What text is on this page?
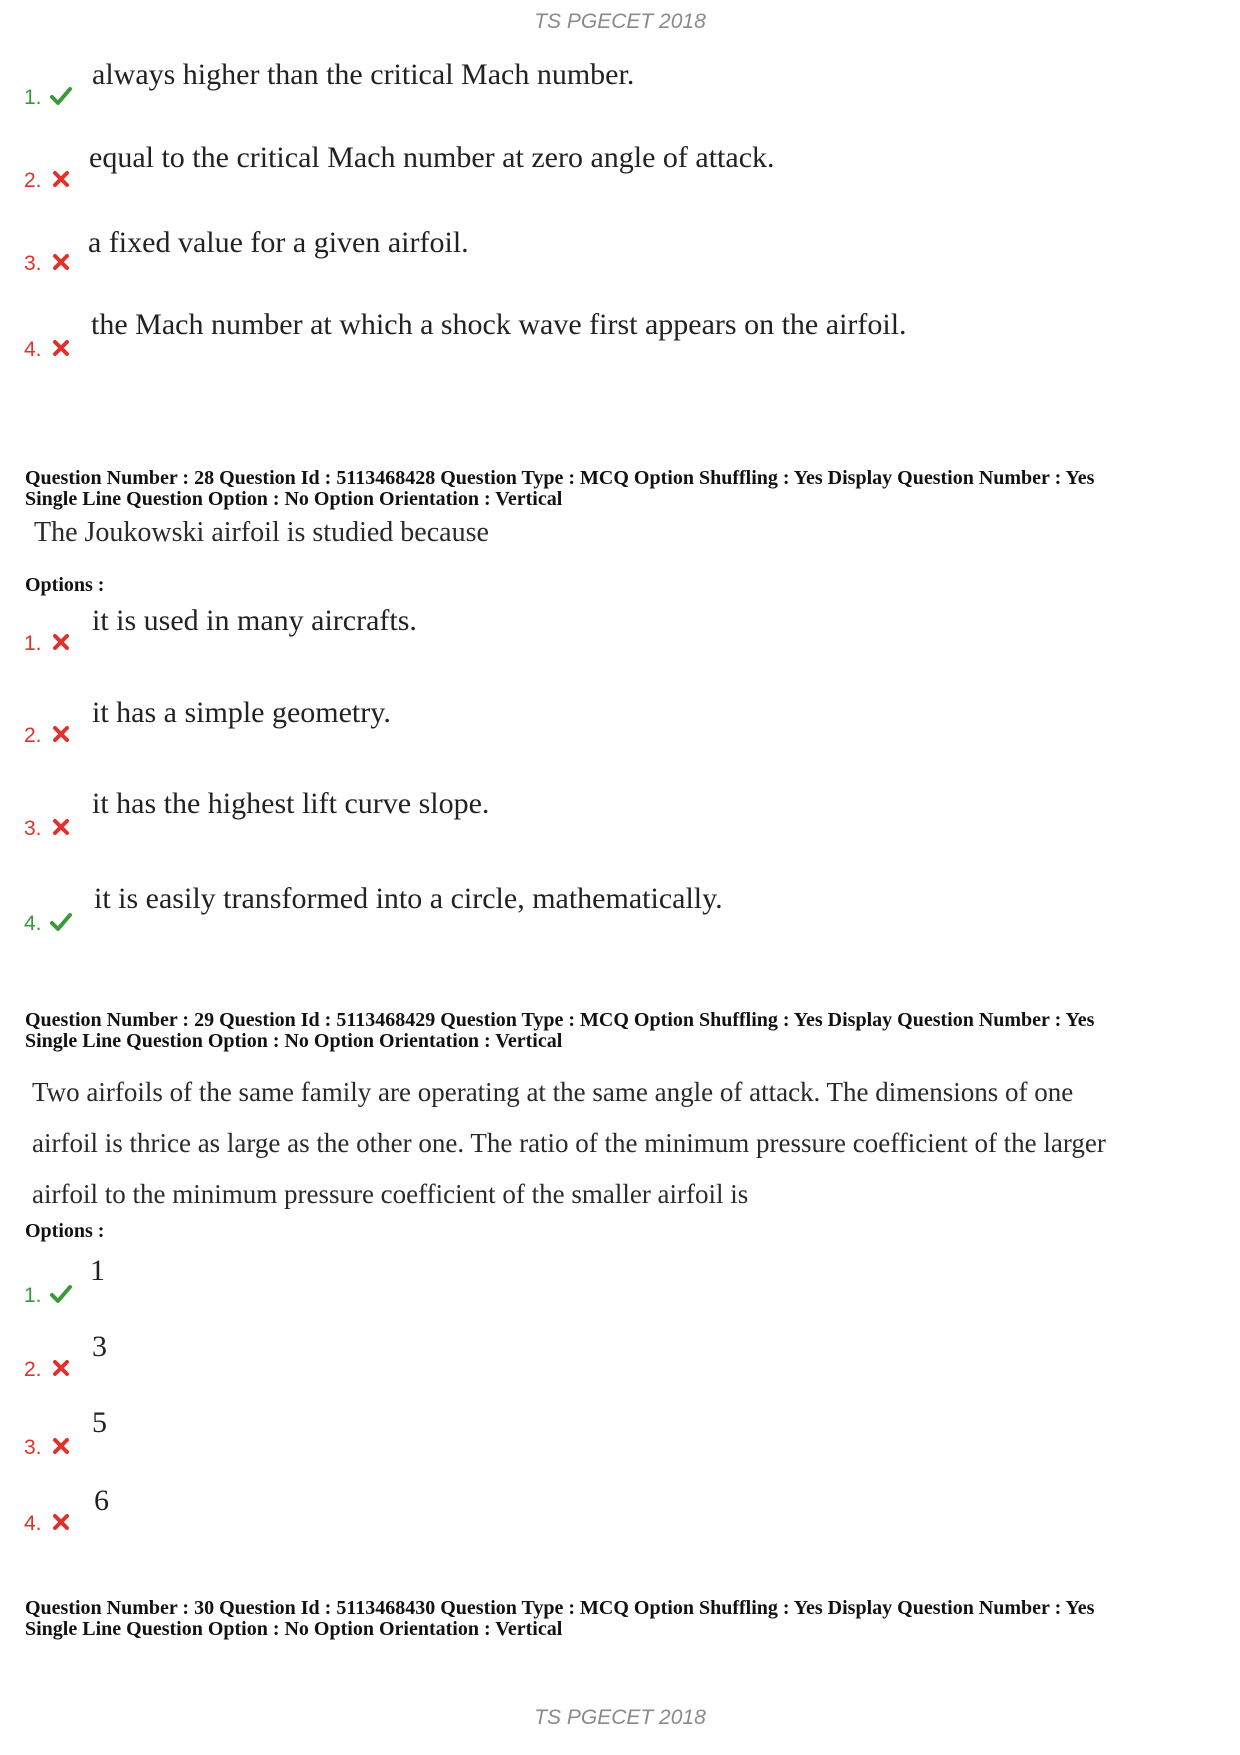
TS PGECET 2018
1.
always higher than the critical Mach number.
2.
equal to the critical Mach number at zero angle of attack.
3.
a fixed value for a given airfoil.
4.
the Mach number at which a shock wave first appears on the airfoil.
Question Number : 28 Question Id : 5113468428 Question Type : MCQ Option Shuffling : Yes Display Question Number : Yes
Single Line Question Option : No Option Orientation : Vertical
The Joukowski airfoil is studied because
Options :
1.
it is used in many aircrafts.
2.
it has a simple geometry.
3.
it has the highest lift curve slope.
4.
it is easily transformed into a circle, mathematically.
Question Number : 29 Question Id : 5113468429 Question Type : MCQ Option Shuffling : Yes Display Question Number : Yes
Single Line Question Option : No Option Orientation : Vertical
Two airfoils of the same family are operating at the same angle of attack. The dimensions of one
airfoil is thrice as large as the other one. The ratio of the minimum pressure coefficient of the larger
airfoil to the minimum pressure coefficient of the smaller airfoil is
Options :
1.
1
2.
3
3.
5
4.
6
Question Number : 30 Question Id : 5113468430 Question Type : MCQ Option Shuffling : Yes Display Question Number : Yes
Single Line Question Option : No Option Orientation : Vertical
TS PGECET 2018
